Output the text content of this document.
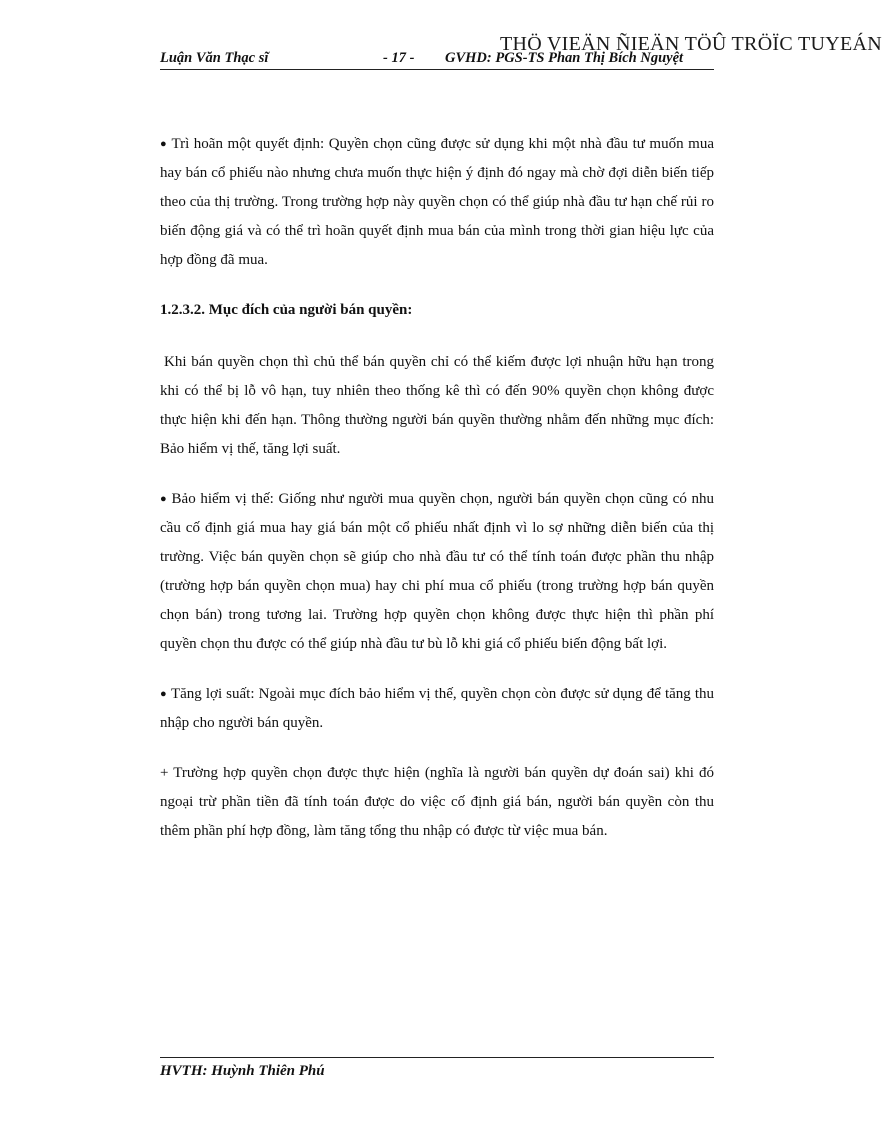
THÖ VIEÄN ÑIEÄN TÖÛ TRÖÏC TUYEÁN
Luận Văn Thạc sĩ	- 17 - GVHD: PGS-TS Phan Thị Bích Nguyệt

● Trì hoãn một quyết định: Quyền chọn cũng được sử dụng khi một nhà đầu tư muốn mua hay bán cổ phiếu nào nhưng chưa muốn thực hiện ý định đó ngay mà chờ đợi diễn biến tiếp theo của thị trường. Trong trường hợp này quyền chọn có thể giúp nhà đầu tư hạn chế rủi ro biến động giá và có thể trì hoãn quyết định mua bán của mình trong thời gian hiệu lực của hợp đồng đã mua.

1.2.3.2. Mục đích của người bán quyền:

Khi bán quyền chọn thì chủ thể bán quyền chỉ có thể kiếm được lợi nhuận hữu hạn trong khi có thể bị lỗ vô hạn, tuy nhiên theo thống kê thì có đến 90% quyền chọn không được thực hiện khi đến hạn. Thông thường người bán quyền thường nhằm đến những mục đích: Bảo hiểm vị thế, tăng lợi suất.

● Bảo hiểm vị thế: Giống như người mua quyền chọn, người bán quyền chọn cũng có nhu cầu cố định giá mua hay giá bán một cổ phiếu nhất định vì lo sợ những diễn biến của thị trường. Việc bán quyền chọn sẽ giúp cho nhà đầu tư có thể tính toán được phần thu nhập (trường hợp bán quyền chọn mua) hay chi phí mua cổ phiếu (trong trường hợp bán quyền chọn bán) trong tương lai. Trường hợp quyền chọn không được thực hiện thì phần phí quyền chọn thu được có thể giúp nhà đầu tư bù lỗ khi giá cổ phiếu biến động bất lợi.

● Tăng lợi suất: Ngoài mục đích bảo hiểm vị thế, quyền chọn còn được sử dụng để tăng thu nhập cho người bán quyền.

+ Trường hợp quyền chọn được thực hiện (nghĩa là người bán quyền dự đoán sai) khi đó ngoại trừ phần tiền đã tính toán được do việc cố định giá bán, người bán quyền còn thu thêm phần phí hợp đồng, làm tăng tổng thu nhập có được từ việc mua bán.

HVTH: Huỳnh Thiên Phú
